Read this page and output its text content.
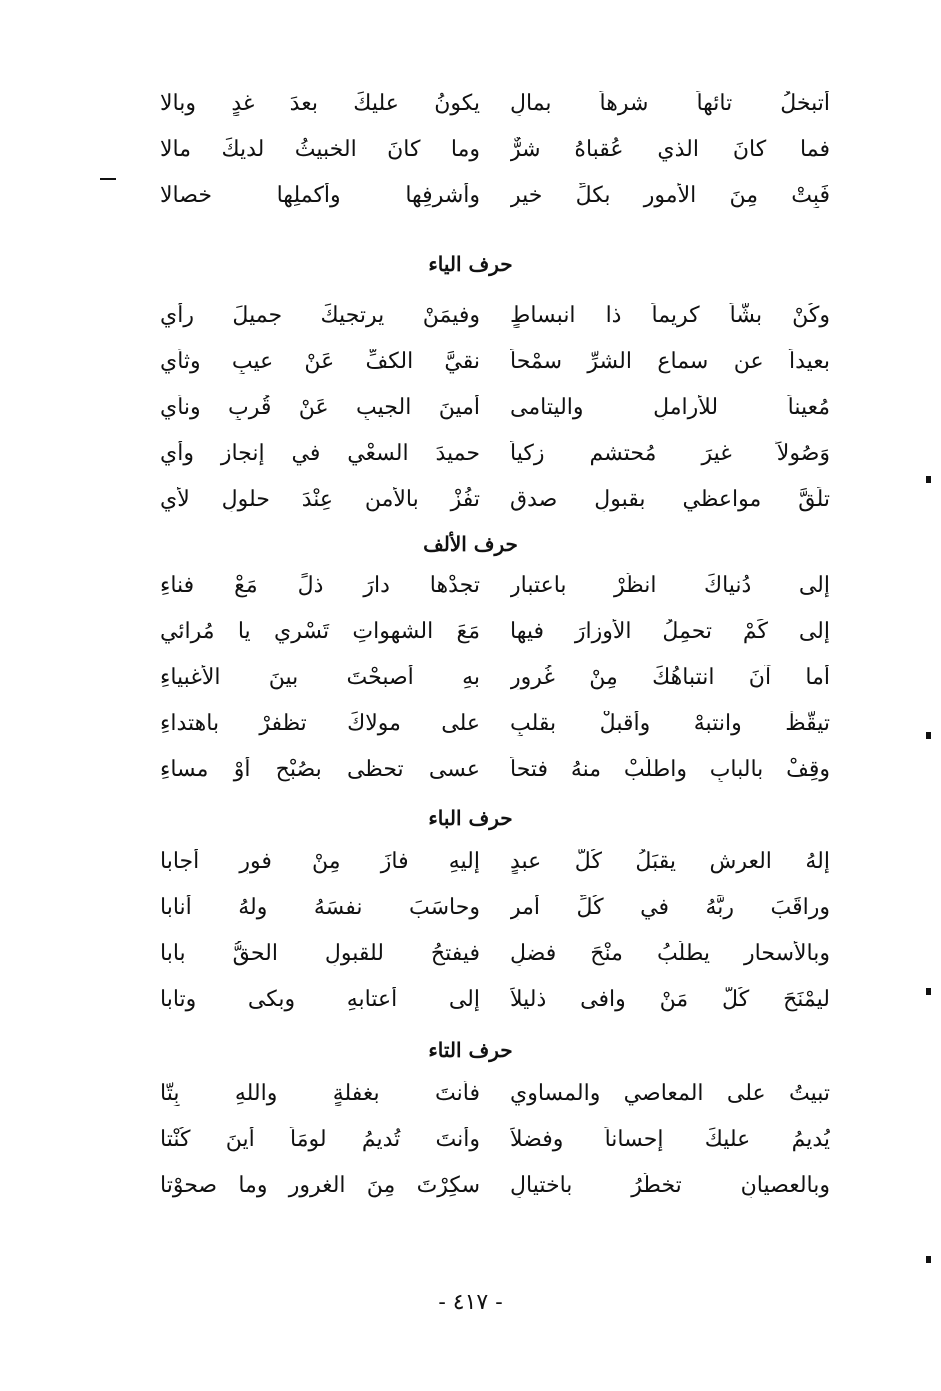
أتبخلُ تائهاً شرهاً بمالٍ
يكونُ عليكَ بعدَ غدٍ وبالا
فما كانَ الذي عُقباهُ شرٌّ
وما كانَ الخبيثُ لديكَ مالا
فَبِتْ مِنَ الأمورِ بكلِّ خيرٍ
وأشرفِها وأكملِها خصالا
حرف الياء
وكُنْ بشّاً كريماً ذا انبساطٍ
وفيمَنْ يرتجيكَ جميلَ رأيِ
بعيداً عن سماعِ الشرِّ سمْحاً
نقيَّ الكفِّ عَنْ عيبٍ وثأيِ
مُعيناً للأراملِ واليتامى
أمينَ الجيبِ عَنْ قُربٍ ونأيِ
وَصُولاً غيرَ مُحتشمٍ زكياً
حميدَ السعْيِ في إنجازِ وأيِ
تلَقَّ مواعظي بقبولِ صدقٍ
تفُزْ بالأمنِ عِنْدَ حلولِ لأيِ
حرف الألف
إلى دُنياكَ انظُرْ باعتبارٍ
تجدْها دارَ ذلٍّ مَعْ فناءِ
إلى كَمْ تحمِلُ الأوزارَ فيها
مَعَ الشهواتِ تَسْري يا مُرائي
أما آنَ انتباهُكَ مِنْ غُرورٍ
بهِ أصبحْتَ بينَ الأغبياءِ
تيقّظْ وانتبهْ وأقبلْ بقلبٍ
على مولاكَ تظفرْ باهتداءِ
وقِفْ بالبابِ واطلُبْ منهُ فتحاً
عسى تحظى بصُبْحٍ أوْ مساءِ
حرف الباء
إلهُ العرشِ يقبَلُ كُلَّ عبدٍ
إليهِ فازَ مِنْ فورٍ أجابا
وراقَبَ ربَّهُ في كُلِّ أمرٍ
وحاسَبَ نفسَهُ ولهُ أنابا
وبالأسحارِ يطلُبُ منْحَ فضلٍ
فيفتحُ للقبولِ الحقُّ بابا
ليمْنَحَ كُلَّ مَنْ وافى ذليلاً
إلى أعتابهِ وبكى وتابا
حرف التاء
تبيتُ على المعاصي والمساوي
فأنتَ بغفلةٍ واللهِ بِتّا
يُديمُ عليكَ إحساناً وفضلاً
وأنتَ تُديمُ لومَاً أينَ كُنْتا
وبالعصيانِ تخطُرُ باختيالٍ
سكِرْتَ مِنَ الغرورِ وما صحوْتا
- ٤١٧ -
